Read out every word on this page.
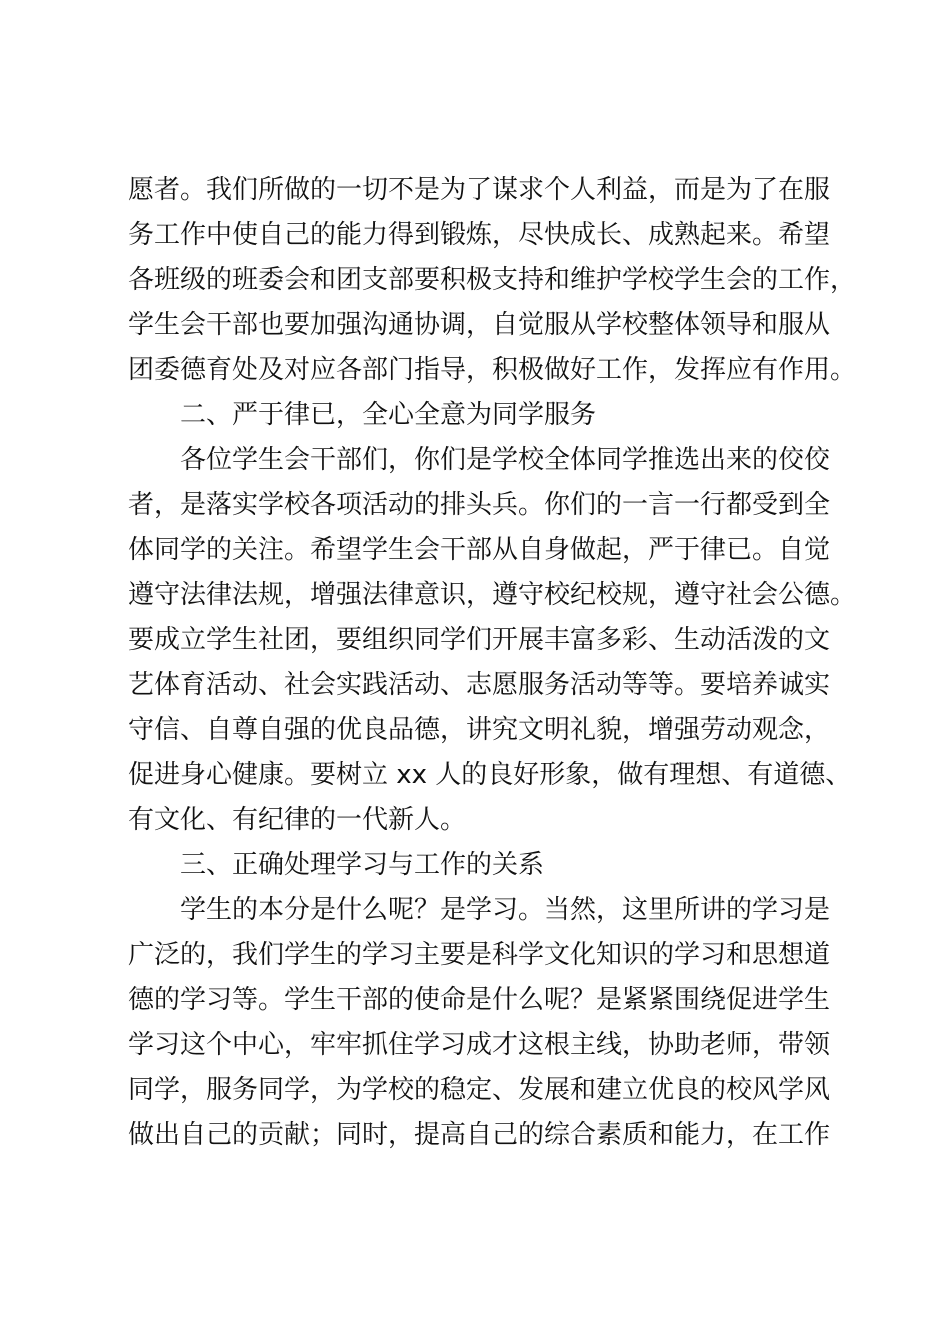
愿者。我们所做的一切不是为了谋求个人利益，而是为了在服
务工作中使自己的能力得到锻炼，尽快成长、成熟起来。希望
各班级的班委会和团支部要积极支持和维护学校学生会的工作，
学生会干部也要加强沟通协调，自觉服从学校整体领导和服从
团委德育处及对应各部门指导，积极做好工作，发挥应有作用。
二、严于律已，全心全意为同学服务
各位学生会干部们，你们是学校全体同学推选出来的佼佼
者，是落实学校各项活动的排头兵。你们的一言一行都受到全
体同学的关注。希望学生会干部从自身做起，严于律已。自觉
遵守法律法规，增强法律意识，遵守校纪校规，遵守社会公德。
要成立学生社团，要组织同学们开展丰富多彩、生动活泼的文
艺体育活动、社会实践活动、志愿服务活动等等。要培养诚实
守信、自尊自强的优良品德，讲究文明礼貌，增强劳动观念，
促进身心健康。要树立 xx 人的良好形象，做有理想、有道德、
有文化、有纪律的一代新人。
三、正确处理学习与工作的关系
学生的本分是什么呢？是学习。当然，这里所讲的学习是
广泛的，我们学生的学习主要是科学文化知识的学习和思想道
德的学习等。学生干部的使命是什么呢？是紧紧围绕促进学生
学习这个中心，牢牢抓住学习成才这根主线，协助老师，带领
同学，服务同学，为学校的稳定、发展和建立优良的校风学风
做出自己的贡献；同时，提高自己的综合素质和能力，在工作
